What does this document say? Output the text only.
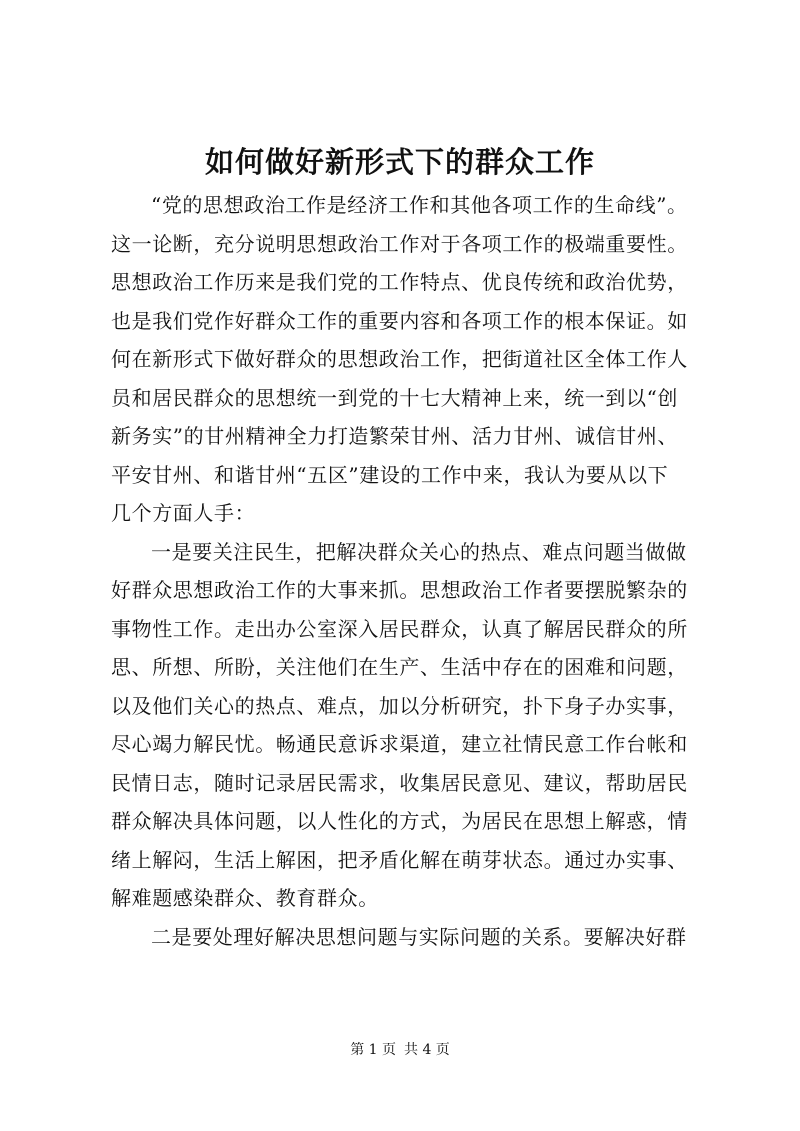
如何做好新形式下的群众工作
“党的思想政治工作是经济工作和其他各项工作的生命线”。
这一论断，充分说明思想政治工作对于各项工作的极端重要性。
思想政治工作历来是我们党的工作特点、优良传统和政治优势，
也是我们党作好群众工作的重要内容和各项工作的根本保证。如
何在新形式下做好群众的思想政治工作，把街道社区全体工作人
员和居民群众的思想统一到党的十七大精神上来，统一到以“创
新务实”的甘州精神全力打造繁荣甘州、活力甘州、诚信甘州、
平安甘州、和谐甘州“五区”建设的工作中来，我认为要从以下
几个方面人手：
一是要关注民生，把解决群众关心的热点、难点问题当做做
好群众思想政治工作的大事来抓。思想政治工作者要摆脱繁杂的
事物性工作。走出办公室深入居民群众，认真了解居民群众的所
思、所想、所盼，关注他们在生产、生活中存在的困难和问题，
以及他们关心的热点、难点，加以分析研究，扑下身子办实事，
尽心竭力解民忧。畅通民意诉求渠道，建立社情民意工作台帐和
民情日志，随时记录居民需求，收集居民意见、建议，帮助居民
群众解决具体问题，以人性化的方式，为居民在思想上解惑，情
绪上解闷，生活上解困，把矛盾化解在萌芽状态。通过办实事、
解难题感染群众、教育群众。
二是要处理好解决思想问题与实际问题的关系。要解决好群
第 1 页 共 4 页
